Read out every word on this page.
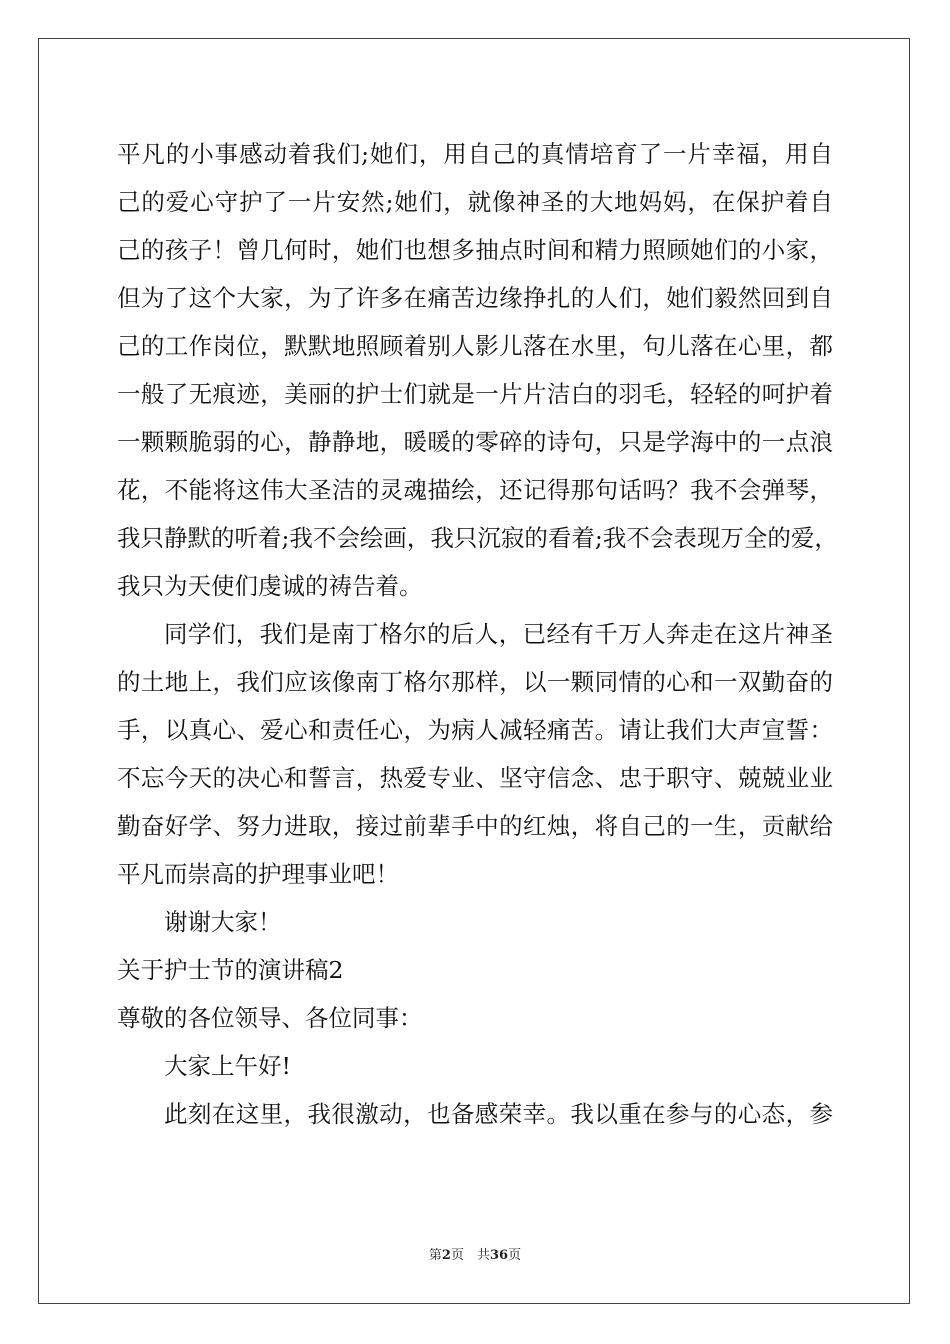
平凡的小事感动着我们;她们，用自己的真情培育了一片幸福，用自
己的爱心守护了一片安然;她们，就像神圣的大地妈妈，在保护着自
己的孩子！曾几何时，她们也想多抽点时间和精力照顾她们的小家，
但为了这个大家，为了许多在痛苦边缘挣扎的人们，她们毅然回到自
己的工作岗位，默默地照顾着别人影儿落在水里，句儿落在心里，都
一般了无痕迹，美丽的护士们就是一片片洁白的羽毛，轻轻的呵护着
一颗颗脆弱的心，静静地，暖暖的零碎的诗句，只是学海中的一点浪
花，不能将这伟大圣洁的灵魂描绘，还记得那句话吗？我不会弹琴，
我只静默的听着;我不会绘画，我只沉寂的看着;我不会表现万全的爱，
我只为天使们虔诚的祷告着。
同学们，我们是南丁格尔的后人，已经有千万人奔走在这片神圣
的土地上，我们应该像南丁格尔那样，以一颗同情的心和一双勤奋的
手，以真心、爱心和责任心，为病人减轻痛苦。请让我们大声宣誓：
不忘今天的决心和誓言，热爱专业、坚守信念、忠于职守、兢兢业业
勤奋好学、努力进取，接过前辈手中的红烛，将自己的一生，贡献给
平凡而崇高的护理事业吧！
谢谢大家！
关于护士节的演讲稿2
尊敬的各位领导、各位同事：
大家上午好!
此刻在这里，我很激动，也备感荣幸。我以重在参与的心态，参
第2页　共36页
